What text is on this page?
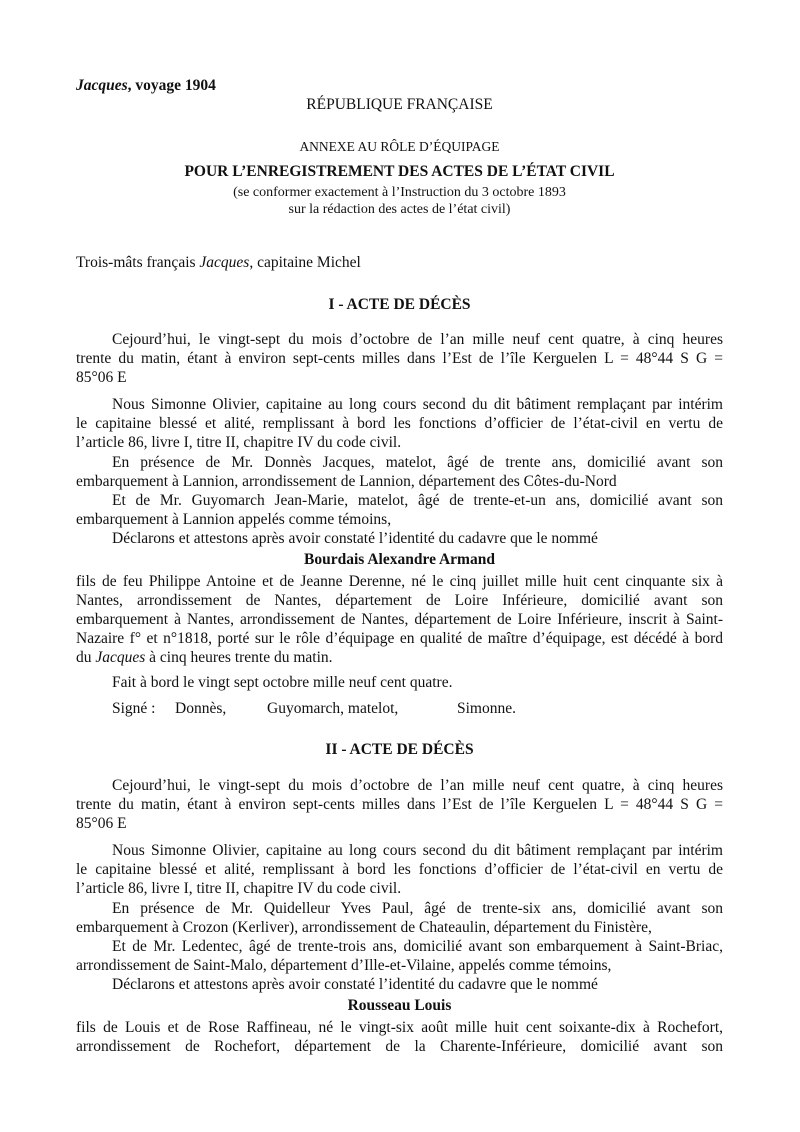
Jacques, voyage 1904
RÉPUBLIQUE FRANÇAISE
ANNEXE AU RÔLE D’ÉQUIPAGE
POUR L’ENREGISTREMENT DES ACTES DE L’ÉTAT CIVIL
(se conformer exactement à l’Instruction du 3 octobre 1893
sur la rédaction des actes de l’état civil)
Trois-mâts français Jacques, capitaine Michel
I - ACTE DE DÉCÈS
Cejourd’hui, le vingt-sept du mois d’octobre de l’an mille neuf cent quatre, à cinq heures
trente du matin, étant à environ sept-cents milles dans l’Est de l’île Kerguelen L = 48°44 S G =
85°06 E
Nous Simonne Olivier, capitaine au long cours second du dit bâtiment remplaçant par intérim
le capitaine blessé et alité, remplissant à bord les fonctions d’officier de l’état-civil en vertu de
l’article 86, livre I, titre II, chapitre IV du code civil.
En présence de Mr. Donnès Jacques, matelot, âgé de trente ans, domicilié avant son
embarquement à Lannion, arrondissement de Lannion, département des Côtes-du-Nord
Et de Mr. Guyomarch Jean-Marie, matelot, âgé de trente-et-un ans, domicilié avant son
embarquement à Lannion appelés comme témoins,
Déclarons et attestons après avoir constaté l’identité du cadavre que le nommé
Bourdais Alexandre Armand
fils de feu Philippe Antoine et de Jeanne Derenne, né le cinq juillet mille huit cent cinquante six à
Nantes, arrondissement de Nantes, département de Loire Inférieure, domicilié avant son
embarquement à Nantes, arrondissement de Nantes, département de Loire Inférieure, inscrit à Saint-
Nazaire f° et n°1818, porté sur le rôle d’équipage en qualité de maître d’équipage, est décédé à bord
du Jacques à cinq heures trente du matin.
Fait à bord le vingt sept octobre mille neuf cent quatre.
Signé : Donnès,	Guyomarch, matelot,	Simonne.
II - ACTE DE DÉCÈS
Cejourd’hui, le vingt-sept du mois d’octobre de l’an mille neuf cent quatre, à cinq heures
trente du matin, étant à environ sept-cents milles dans l’Est de l’île Kerguelen L = 48°44 S G =
85°06 E
Nous Simonne Olivier, capitaine au long cours second du dit bâtiment remplaçant par intérim
le capitaine blessé et alité, remplissant à bord les fonctions d’officier de l’état-civil en vertu de
l’article 86, livre I, titre II, chapitre IV du code civil.
En présence de Mr. Quidelleur Yves Paul, âgé de trente-six ans, domicilié avant son
embarquement à Crozon (Kerliver), arrondissement de Chateaulin, département du Finistère,
Et de Mr. Ledentec, âgé de trente-trois ans, domicilié avant son embarquement à Saint-Briac,
arrondissement de Saint-Malo, département d’Ille-et-Vilaine, appelés comme témoins,
Déclarons et attestons après avoir constaté l’identité du cadavre que le nommé
Rousseau Louis
fils de Louis et de Rose Raffineau, né le vingt-six août mille huit cent soixante-dix à Rochefort,
arrondissement de Rochefort, département de la Charente-Inférieure, domicilié avant son
